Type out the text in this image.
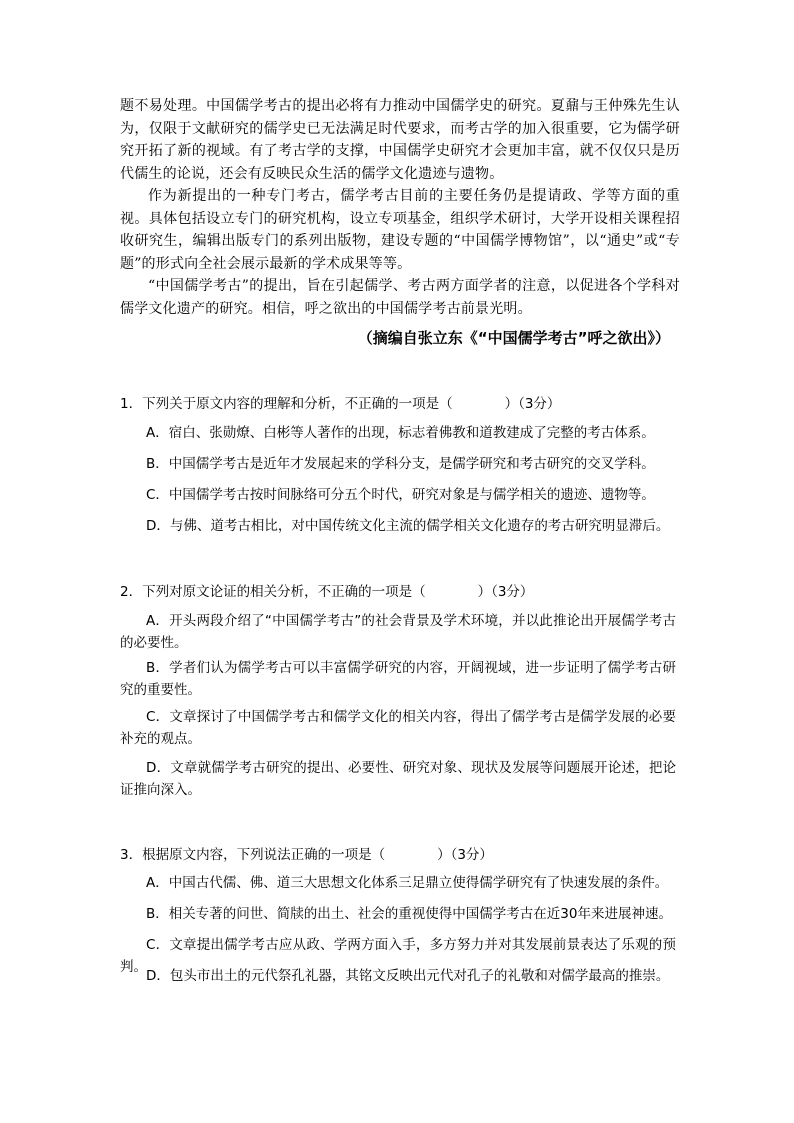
题不易处理。中国儒学考古的提出必将有力推动中国儒学史的研究。夏鼐与王仲殊先生认为，仅限于文献研究的儒学史已无法满足时代要求，而考古学的加入很重要，它为儒学研究开拓了新的视域。有了考古学的支撑，中国儒学史研究才会更加丰富，就不仅仅只是历代儒生的论说，还会有反映民众生活的儒学文化遗迹与遗物。
作为新提出的一种专门考古，儒学考古目前的主要任务仍是提请政、学等方面的重视。具体包括设立专门的研究机构，设立专项基金，组织学术研讨，大学开设相关课程招收研究生，编辑出版专门的系列出版物，建设专题的“中国儒学博物馆”，以“通史”或“专题”的形式向全社会展示最新的学术成果等等。
“中国儒学考古”的提出，旨在引起儒学、考古两方面学者的注意，以促进各个学科对儒学文化遗产的研究。相信，呼之欲出的中国儒学考古前景光明。
（摘编自张立东《“中国儒学考古”呼之欲出》）
1．下列关于原文内容的理解和分析，不正确的一项是（	）（3分）
A．宿白、张勋燎、白彬等人著作的出现，标志着佛教和道教建成了完整的考古体系。
B．中国儒学考古是近年才发展起来的学科分支，是儒学研究和考古研究的交叉学科。
C．中国儒学考古按时间脉络可分五个时代，研究对象是与儒学相关的遗迹、遗物等。
D．与佛、道考古相比，对中国传统文化主流的儒学相关文化遗存的考古研究明显滞后。
2．下列对原文论证的相关分析，不正确的一项是（	）（3分）
A．开头两段介绍了“中国儒学考古”的社会背景及学术环境，并以此推论出开展儒学考古的必要性。
B．学者们认为儒学考古可以丰富儒学研究的内容，开阔视域，进一步证明了儒学考古研究的重要性。
C．文章探讨了中国儒学考古和儒学文化的相关内容，得出了儒学考古是儒学发展的必要补充的观点。
D．文章就儒学考古研究的提出、必要性、研究对象、现状及发展等问题展开论述，把论证推向深入。
3．根据原文内容，下列说法正确的一项是（	）（3分）
A．中国古代儒、佛、道三大思想文化体系三足鼎立使得儒学研究有了快速发展的条件。
B．相关专著的问世、简牍的出土、社会的重视使得中国儒学考古在近30年来进展神速。
C．文章提出儒学考古应从政、学两方面入手，多方努力并对其发展前景表达了乐观的预判。
D．包头市出土的元代祭孔礼器，其铭文反映出元代对孔子的礼敬和对儒学最高的推崇。
